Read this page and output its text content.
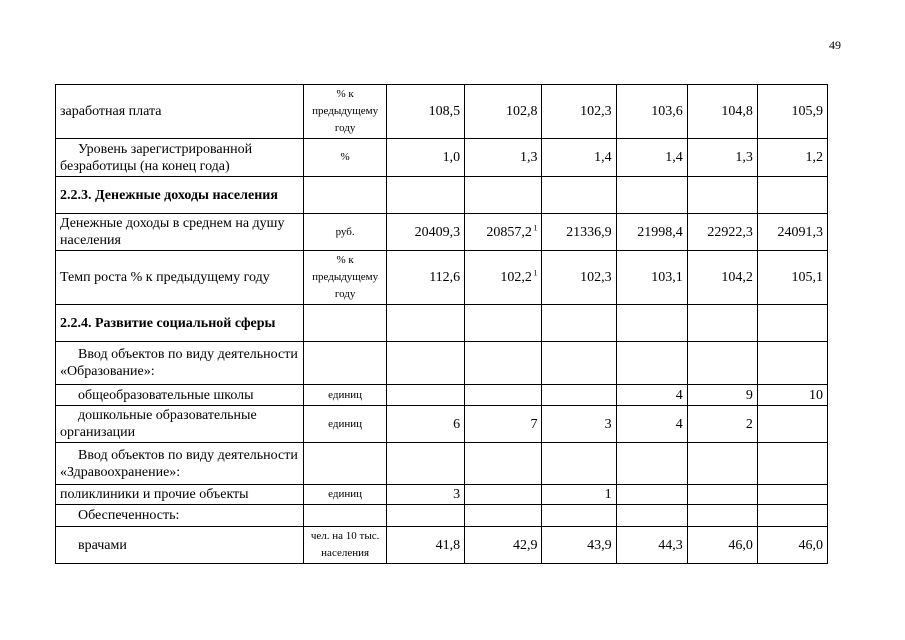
49
заработная плата	% к предыдущему году	108,5	102,8	102,3	103,6	104,8	105,9
Уровень зарегистрированной безработицы (на конец года)	%	1,0	1,3	1,4	1,4	1,3	1,2
2.2.3. Денежные доходы населения							
Денежные доходы в среднем на душу населения	руб.	20409,3	20857,2 $^1$	21336,9	21998,4	22922,3	24091,3
Темп роста % к предыдущему году	% к предыдущему году	112,6	102,2 $^1$	102,3	103,1	104,2	105,1
2.2.4. Развитие социальной сферы							
Ввод объектов по виду деятельности «Образование»:							
общеобразовательные школы	единиц				4	9	10
дошкольные образовательные организации	единиц	6	7	3	4	2	
Ввод объектов по виду деятельности «Здравоохранение»:							
поликлиники и прочие объекты	единиц	3		1			
Обеспеченность:							
врачами	чел. на 10 тыс. населения	41,8	42,9	43,9	44,3	46,0	46,0
